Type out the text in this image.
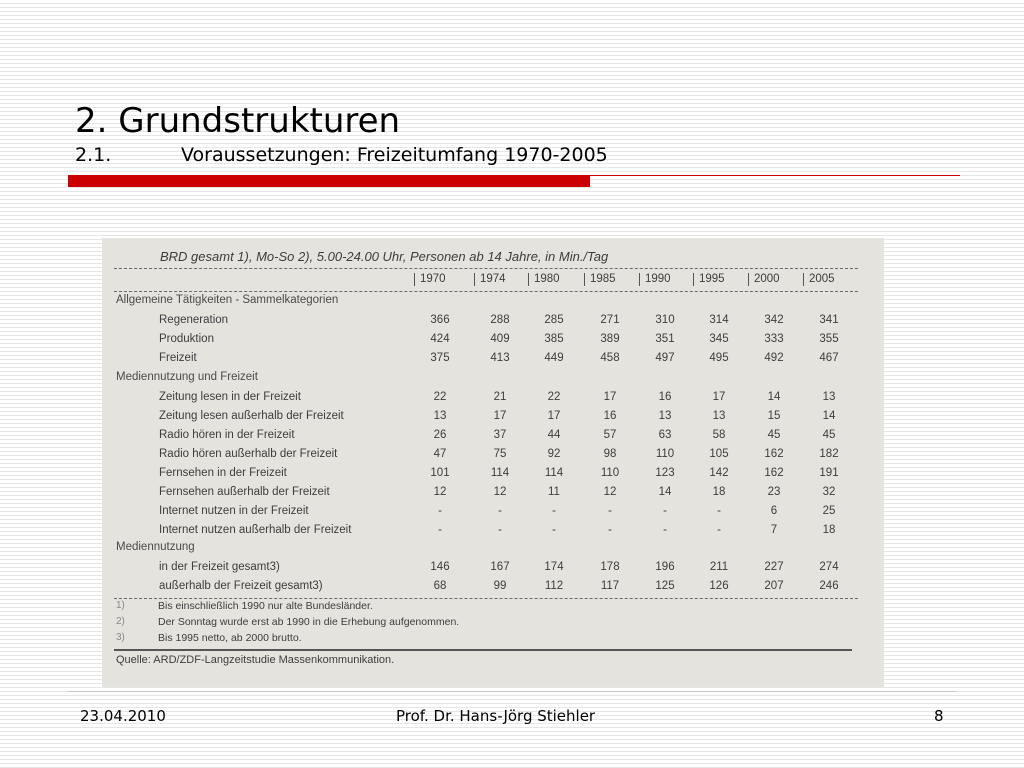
2. Grundstrukturen
2.1.	Voraussetzungen: Freizeitumfang 1970-2005
BRD gesamt 1), Mo-So 2), 5.00-24.00 Uhr, Personen ab 14 Jahre, in Min./Tag
1970	1974	1980	1985	1990	1995	2000	2005
Allgemeine Tätigkeiten - Sammelkategorien
Regeneration	366	288	285	271	310	314	342	341
Produktion	424	409	385	389	351	345	333	355
Freizeit	375	413	449	458	497	495	492	467
Mediennutzung und Freizeit
Zeitung lesen in der Freizeit	22	21	22	17	16	17	14	13
Zeitung lesen außerhalb der Freizeit	13	17	17	16	13	13	15	14
Radio hören in der Freizeit	26	37	44	57	63	58	45	45
Radio hören außerhalb der Freizeit	47	75	92	98	110	105	162	182
Fernsehen in der Freizeit	101	114	114	110	123	142	162	191
Fernsehen außerhalb der Freizeit	12	12	11	12	14	18	23	32
Internet nutzen in der Freizeit	-	-	-	-	-	-	6	25
Internet nutzen außerhalb der Freizeit	-	-	-	-	-	-	7	18
Mediennutzung
in der Freizeit gesamt3)	146	167	174	178	196	211	227	274
außerhalb der Freizeit gesamt3)	68	99	112	117	125	126	207	246
1)	Bis einschließlich 1990 nur alte Bundesländer.
2)	Der Sonntag wurde erst ab 1990 in die Erhebung aufgenommen.
3)	Bis 1995 netto, ab 2000 brutto.
Quelle: ARD/ZDF-Langzeitstudie Massenkommunikation.
23.04.2010	Prof. Dr. Hans-Jörg Stiehler	8
